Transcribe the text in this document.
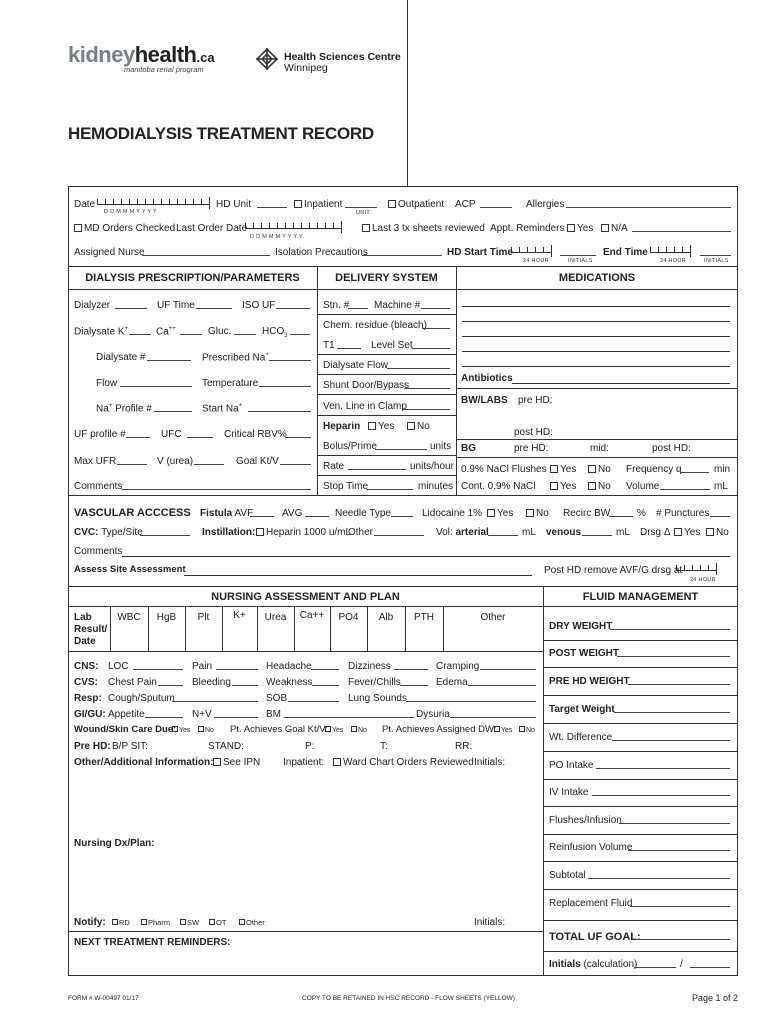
kidneyhealth.ca
manitoba renal program
Health Sciences Centre
Winnipeg
HEMODIALYSIS TREATMENT RECORD
Date
D D M M M Y Y Y Y
HD Unit	Inpatient
UNIT
Outpatient ACP	Allergies
MD Orders Checked Last Order Date
D D M M M Y Y Y Y
Last 3 tx sheets reviewed Appt. Reminders	Yes	N/A
Assigned Nurse	Isolation Precautions	HD Start Time
24 HOUR	INITIALS
End Time
24 HOUR	INITIALS
DIALYSIS PRESCRIPTION/PARAMETERS	DELIVERY SYSTEM	MEDICATIONS
Dialyzer	UF Time	ISO UF
Dialysate K+	Ca++	Gluc.	$HCO_3$
Dialysate #	Prescribed Na+
Flow	Temperature
Na+ Profile #	Start Na+
UF profile #	UFC	Critical RBV%
Max UFR	V (urea)	Goal Kt/V
Comments
Stn. # Machine #
Chem. residue (bleach)
T1	Level Set
Dialysate Flow
Shunt Door/Bypass
Ven. Line in Clamp
Heparin	Yes	No
Bolus/Prime	units
Rate	units/hour
Stop Time	minutes
Antibiotics
BW/LABS pre HD:
post HD:
BG	pre HD:	mid:	post HD:
0.9% NaCl Flushes	Yes	No Frequency q	min
Cont. 0.9% NaCl	Yes	No Volume	mL
VASCULAR ACCCESS Fistula AVF	AVG	Needle Type	Lidocaine 1%	Yes	No Recirc BW	% # Punctures
CVC: Type/Site	Instillation:	Heparin 1000 u/mL
Other	Vol: arterial	mL venous	mL Drsg Δ	Yes	No
Comments
Assess Site Assessment	Post HD remove AVF/G drsg at
24 HOUR
NURSING ASSESSMENT AND PLAN	FLUID MANAGEMENT
Lab
Result/
Date
WBC	HgB	Plt	K+	Urea	Ca++	PO4	Alb	PTH	Other
CNS: LOC	Pain	Headache	Dizziness	Cramping
CVS: Chest Pain	Bleeding	Weakness	Fever/Chills	Edema
Resp: Cough/Sputum	SOB	Lung Sounds
GI/GU: Appetite	N+V	BM	Dysuria
Wound/Skin Care Due: Yes	No Pt. Achieves Goal Kt/V: Yes	No Pt. Achieves Assigned DW: Yes	No
Pre HD: B/P SIT:	STAND:	P:	T:	RR:
Other/Additional Information: See IPN Inpatient:	Ward Chart Orders Reviewed Initials:
Nursing Dx/Plan:
Notify:	RD	Pharm	SW	OT	Other	Initials:
NEXT TREATMENT REMINDERS:
DRY WEIGHT
POST WEIGHT
PRE HD WEIGHT
Target Weight
Wt. Difference
PO Intake
IV Intake
Flushes/Infusion
Reinfusion Volume
Subtotal
Replacement Fluid
TOTAL UF GOAL:
Initials (calculation)	/
FORM # W-00497 01/17	COPY TO BE RETAINED IN HSC RECORD - FLOW SHEETS (YELLOW)	Page 1 of 2
